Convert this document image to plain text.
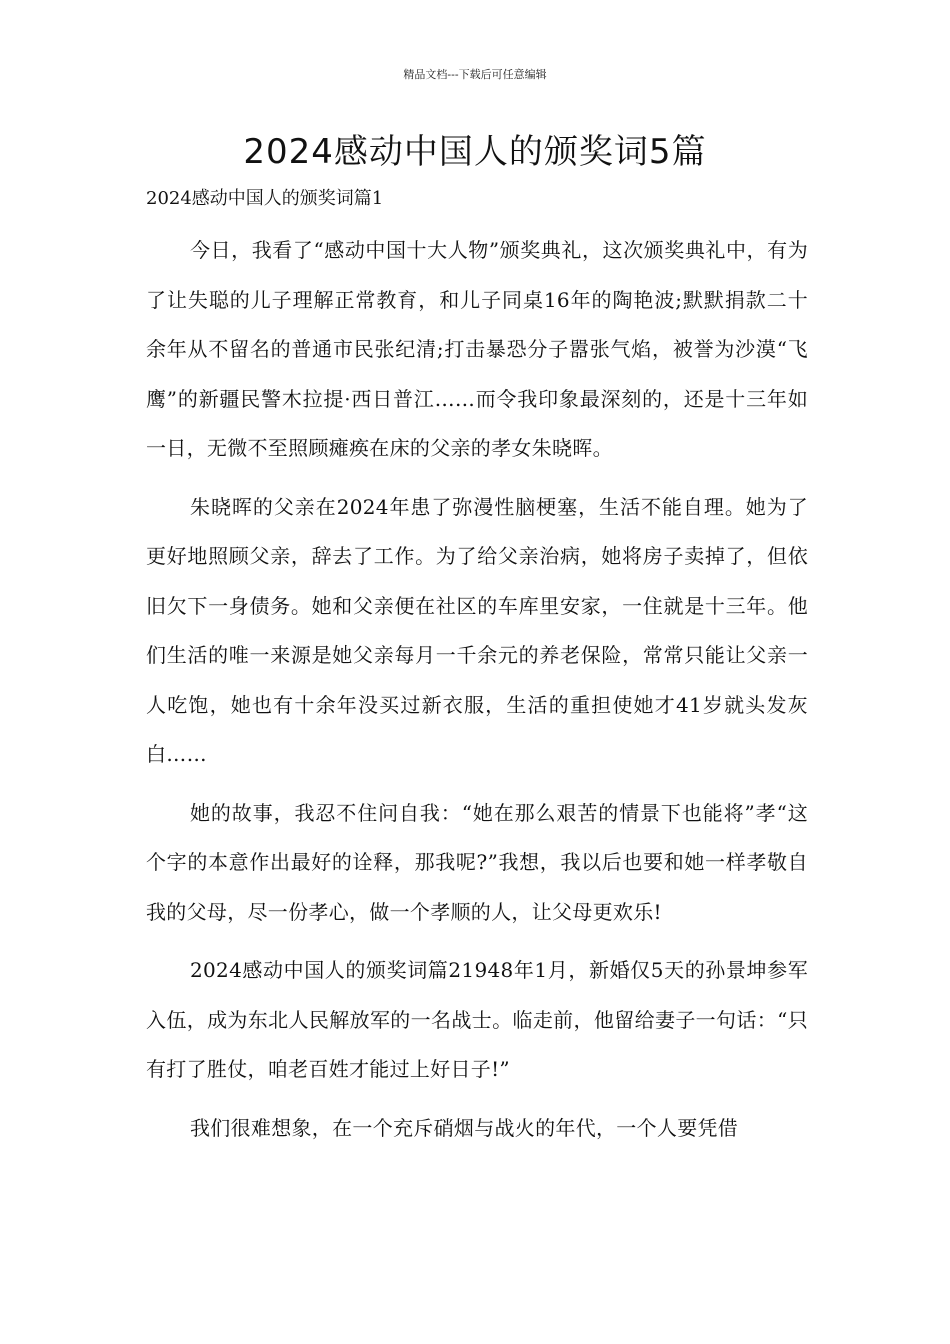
精品文档---下载后可任意编辑
2024感动中国人的颁奖词5篇

2024感动中国人的颁奖词篇1

今日，我看了“感动中国十大人物”颁奖典礼，这次颁奖典礼中，有为了让失聪的儿子理解正常教育，和儿子同桌16年的陶艳波;默默捐款二十余年从不留名的普通市民张纪清;打击暴恐分子嚣张气焰，被誉为沙漠“飞鹰”的新疆民警木拉提·西日普江……而令我印象最深刻的，还是十三年如一日，无微不至照顾瘫痪在床的父亲的孝女朱晓晖。

朱晓晖的父亲在2024年患了弥漫性脑梗塞，生活不能自理。她为了更好地照顾父亲，辞去了工作。为了给父亲治病，她将房子卖掉了，但依旧欠下一身债务。她和父亲便在社区的车库里安家，一住就是十三年。他们生活的唯一来源是她父亲每月一千余元的养老保险，常常只能让父亲一人吃饱，她也有十余年没买过新衣服，生活的重担使她才41岁就头发灰白……

她的故事，我忍不住问自我：“她在那么艰苦的情景下也能将”孝“这个字的本意作出最好的诠释，那我呢?”我想，我以后也要和她一样孝敬自我的父母，尽一份孝心，做一个孝顺的人，让父母更欢乐!

2024感动中国人的颁奖词篇21948年1月，新婚仅5天的孙景坤参军入伍，成为东北人民解放军的一名战士。临走前，他留给妻子一句话：“只有打了胜仗，咱老百姓才能过上好日子!”

我们很难想象，在一个充斥硝烟与战火的年代，一个人要凭借
